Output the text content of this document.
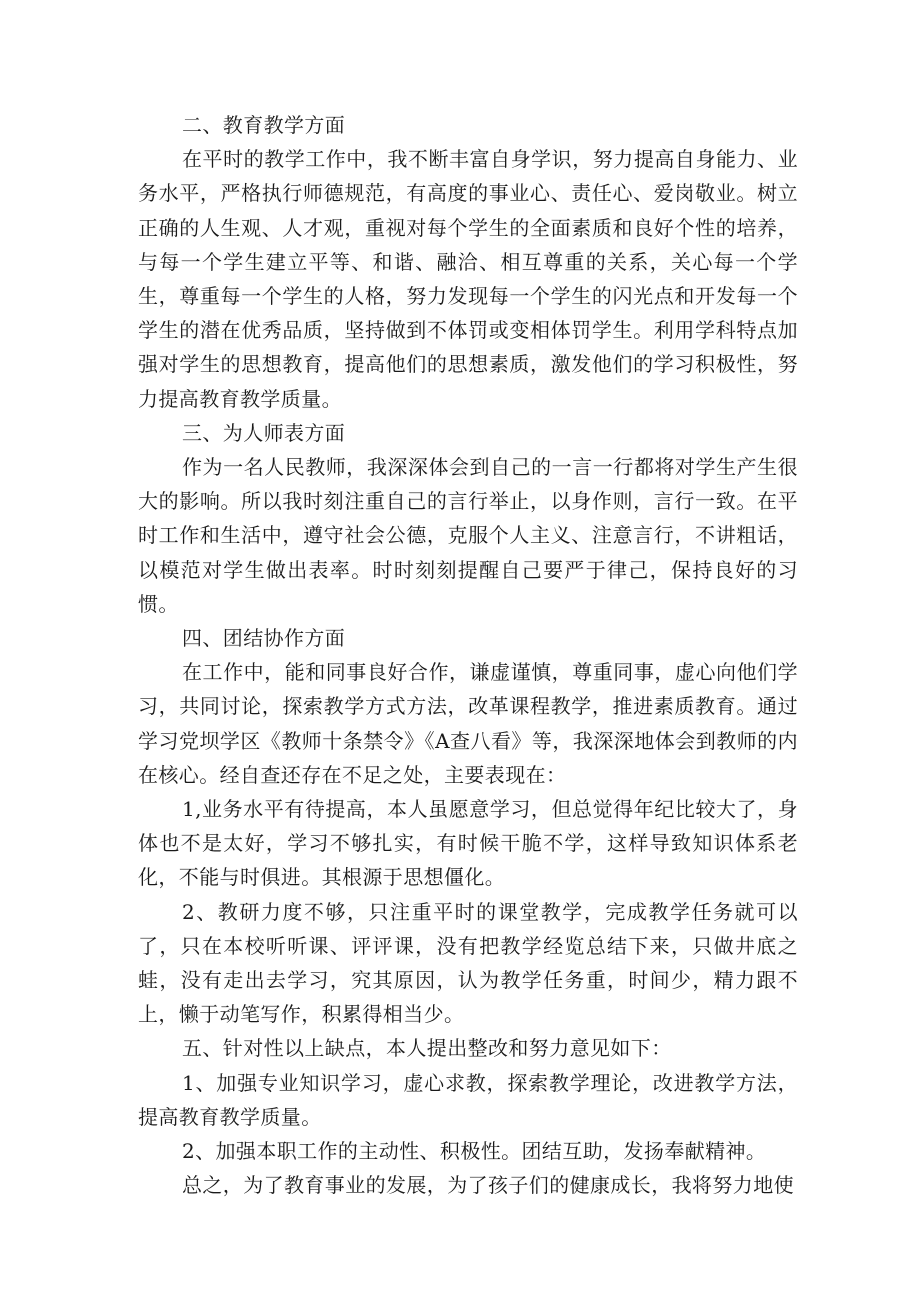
二、教育教学方面

在平时的教学工作中，我不断丰富自身学识，努力提高自身能力、业务水平，严格执行师德规范，有高度的事业心、责任心、爱岗敬业。树立正确的人生观、人才观，重视对每个学生的全面素质和良好个性的培养，与每一个学生建立平等、和谐、融洽、相互尊重的关系，关心每一个学生，尊重每一个学生的人格，努力发现每一个学生的闪光点和开发每一个学生的潜在优秀品质，坚持做到不体罚或变相体罚学生。利用学科特点加强对学生的思想教育，提高他们的思想素质，激发他们的学习积极性，努力提高教育教学质量。

三、为人师表方面

作为一名人民教师，我深深体会到自己的一言一行都将对学生产生很大的影响。所以我时刻注重自己的言行举止，以身作则，言行一致。在平时工作和生活中，遵守社会公德，克服个人主义、注意言行，不讲粗话，以模范对学生做出表率。时时刻刻提醒自己要严于律己，保持良好的习惯。

四、团结协作方面

在工作中，能和同事良好合作，谦虚谨慎，尊重同事，虚心向他们学习，共同讨论，探索教学方式方法，改革课程教学，推进素质教育。通过学习党坝学区《教师十条禁令》《A查八看》等，我深深地体会到教师的内在核心。经自查还存在不足之处，主要表现在：

1,业务水平有待提高，本人虽愿意学习，但总觉得年纪比较大了，身体也不是太好，学习不够扎实，有时候干脆不学，这样导致知识体系老化，不能与时俱进。其根源于思想僵化。

2、教研力度不够，只注重平时的课堂教学，完成教学任务就可以了，只在本校听听课、评评课，没有把教学经览总结下来，只做井底之蛙，没有走出去学习，究其原因，认为教学任务重，时间少，精力跟不上，懒于动笔写作，积累得相当少。

五、针对性以上缺点，本人提出整改和努力意见如下：

1、加强专业知识学习，虚心求教，探索教学理论，改进教学方法，提高教育教学质量。

2、加强本职工作的主动性、积极性。团结互助，发扬奉献精神。

总之，为了教育事业的发展，为了孩子们的健康成长，我将努力地使
